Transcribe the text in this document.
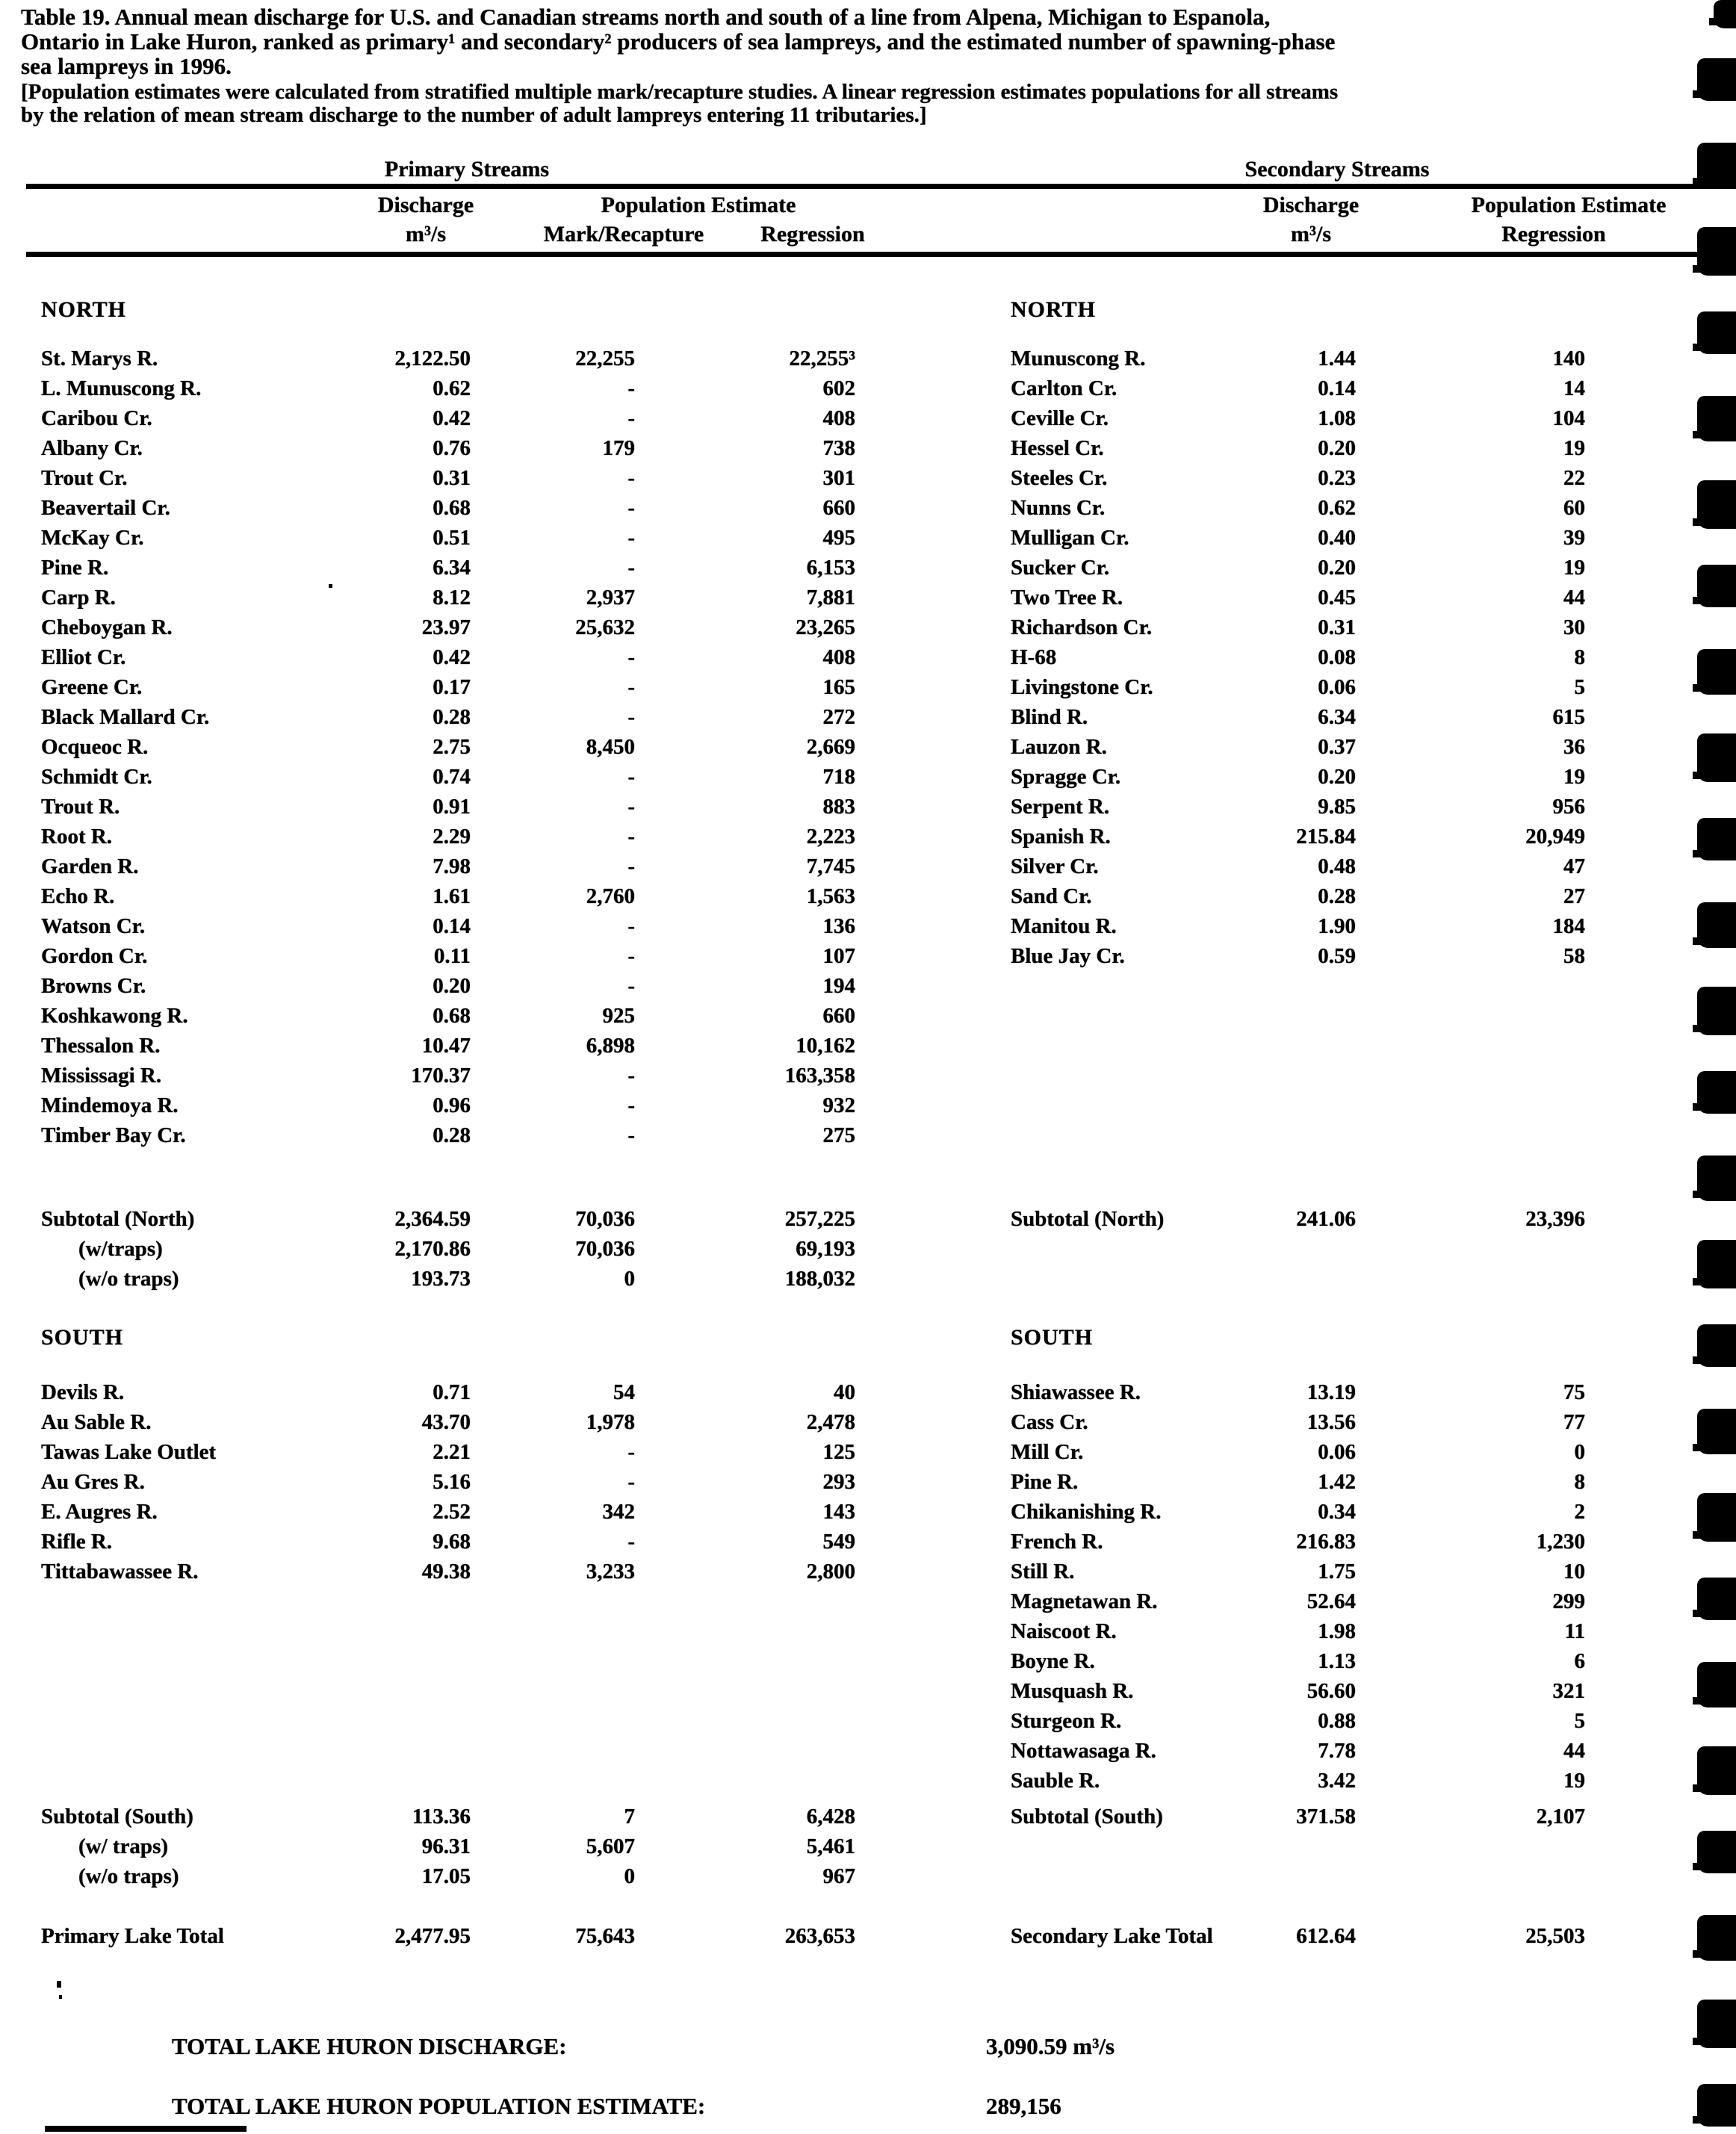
Table 19. Annual mean discharge for U.S. and Canadian streams north and south of a line from Alpena, Michigan to Espanola,
Ontario in Lake Huron, ranked as primary¹ and secondary² producers of sea lampreys, and the estimated number of spawning-phase
sea lampreys in 1996.
[Population estimates were calculated from stratified multiple mark/recapture studies. A linear regression estimates populations for all streams
by the relation of mean stream discharge to the number of adult lampreys entering 11 tributaries.]
Primary Streams	Secondary Streams
Discharge	Population Estimate
m³/s	Mark/Recapture	Regression
Discharge	Population Estimate
m³/s	Regression
NORTH	NORTH
SOUTH	SOUTH
St. Marys R.	2,122.50	22,255	22,255³
L. Munuscong R.	0.62	-	602
Caribou Cr.	0.42	-	408
Albany Cr.	0.76	179	738
Trout Cr.	0.31	-	301
Beavertail Cr.	0.68	-	660
McKay Cr.	0.51	-	495
Pine R.	6.34	-	6,153
Carp R.	8.12	2,937	7,881
Cheboygan R.	23.97	25,632	23,265
Elliot Cr.	0.42	-	408
Greene Cr.	0.17	-	165
Black Mallard Cr.	0.28	-	272
Ocqueoc R.	2.75	8,450	2,669
Schmidt Cr.	0.74	-	718
Trout R.	0.91	-	883
Root R.	2.29	-	2,223
Garden R.	7.98	-	7,745
Echo R.	1.61	2,760	1,563
Watson Cr.	0.14	-	136
Gordon Cr.	0.11	-	107
Browns Cr.	0.20	-	194
Koshkawong R.	0.68	925	660
Thessalon R.	10.47	6,898	10,162
Mississagi R.	170.37	-	163,358
Mindemoya R.	0.96	-	932
Timber Bay Cr.	0.28	-	275
Munuscong R.	1.44	140
Carlton Cr.	0.14	14
Ceville Cr.	1.08	104
Hessel Cr.	0.20	19
Steeles Cr.	0.23	22
Nunns Cr.	0.62	60
Mulligan Cr.	0.40	39
Sucker Cr.	0.20	19
Two Tree R.	0.45	44
Richardson Cr.	0.31	30
H-68	0.08	8
Livingstone Cr.	0.06	5
Blind R.	6.34	615
Lauzon R.	0.37	36
Spragge Cr.	0.20	19
Serpent R.	9.85	956
Spanish R.	215.84	20,949
Silver Cr.	0.48	47
Sand Cr.	0.28	27
Manitou R.	1.90	184
Blue Jay Cr.	0.59	58
Subtotal (North)	2,364.59	70,036	257,225
(w/traps)	2,170.86	70,036	69,193
(w/o traps)	193.73	0	188,032
Subtotal (North)	241.06	23,396
Devils R.	0.71	54	40
Au Sable R.	43.70	1,978	2,478
Tawas Lake Outlet	2.21	-	125
Au Gres R.	5.16	-	293
E. Augres R.	2.52	342	143
Rifle R.	9.68	-	549
Tittabawassee R.	49.38	3,233	2,800
Shiawassee R.	13.19	75
Cass Cr.	13.56	77
Mill Cr.	0.06	0
Pine R.	1.42	8
Chikanishing R.	0.34	2
French R.	216.83	1,230
Still R.	1.75	10
Magnetawan R.	52.64	299
Naiscoot R.	1.98	11
Boyne R.	1.13	6
Musquash R.	56.60	321
Sturgeon R.	0.88	5
Nottawasaga R.	7.78	44
Sauble R.	3.42	19
Subtotal (South)	113.36	7	6,428
(w/ traps)	96.31	5,607	5,461
(w/o traps)	17.05	0	967
Subtotal (South)	371.58	2,107
Primary Lake Total	2,477.95	75,643	263,653	Secondary Lake Total	612.64	25,503
TOTAL LAKE HURON DISCHARGE:	3,090.59 m³/s
TOTAL LAKE HURON POPULATION ESTIMATE:	289,156
